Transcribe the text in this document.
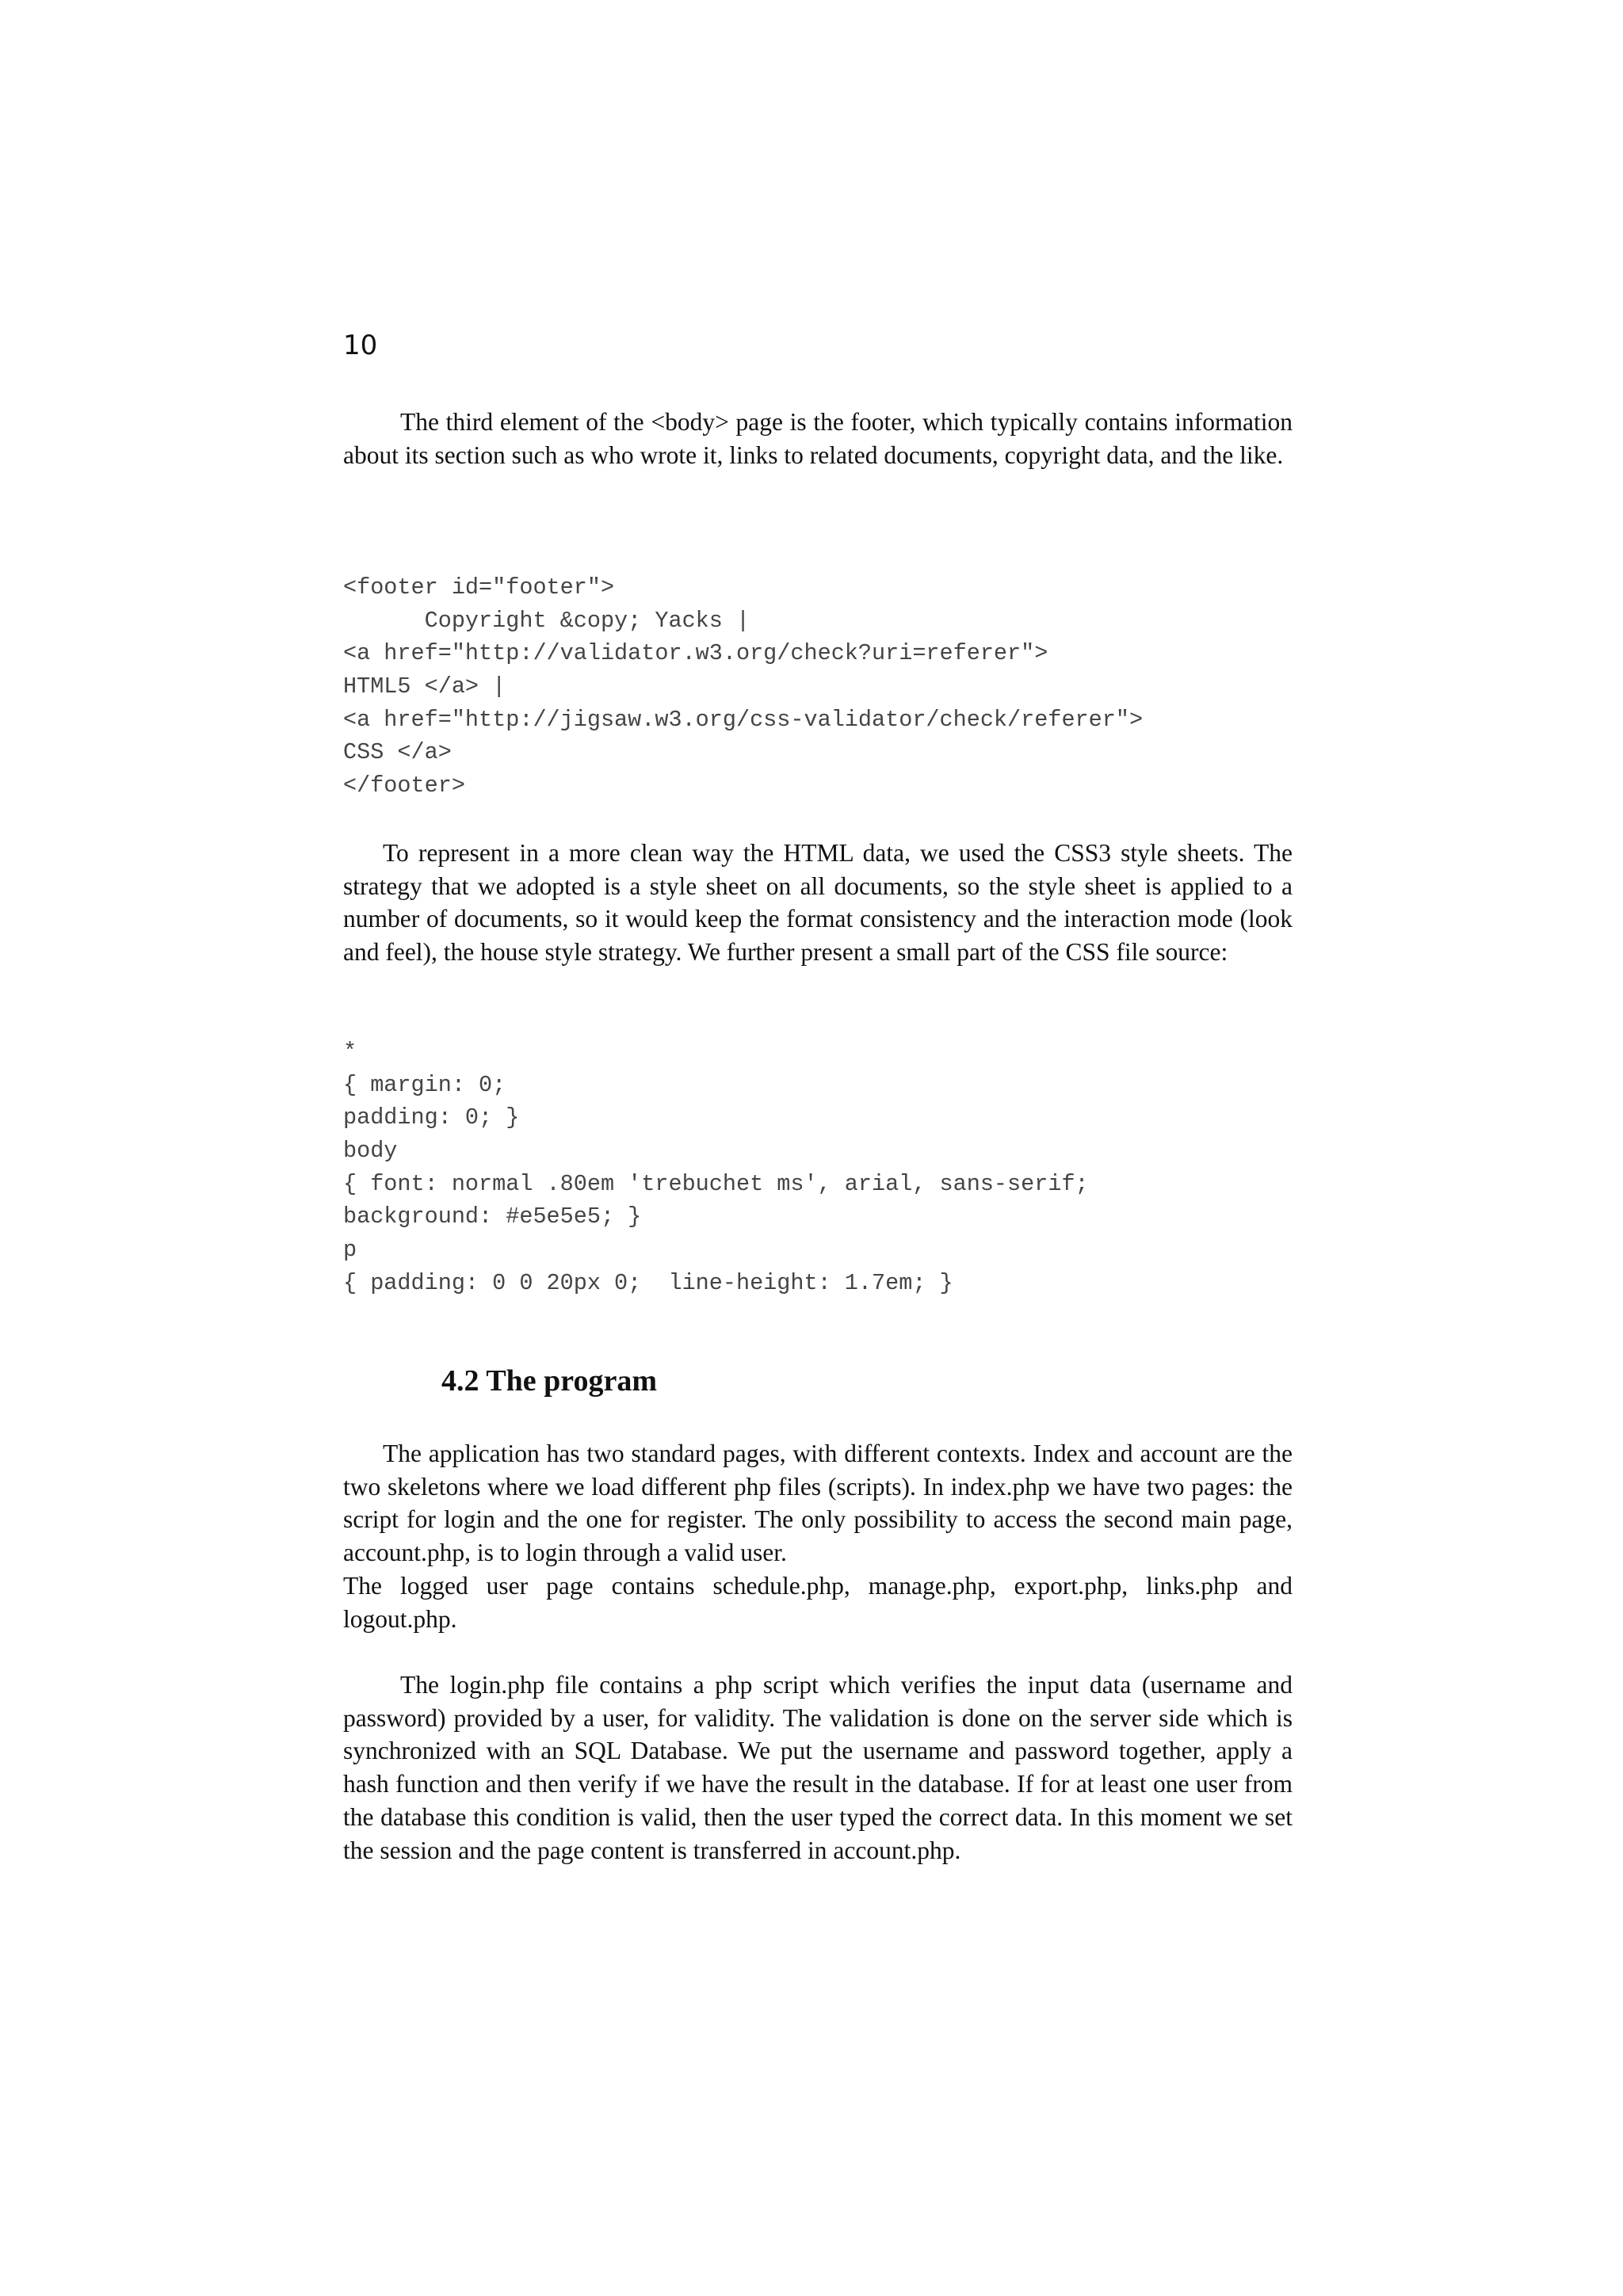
10

The third element of the <body> page is the footer, which typically contains information about its section such as who wrote it, links to related documents, copyright data, and the like.

<footer id="footer">
Copyright &copy; Yacks |
<a href="http://validator.w3.org/check?uri=referer">
HTML5 </a> |
<a href="http://jigsaw.w3.org/css-validator/check/referer">
CSS </a>
</footer>

To represent in a more clean way the HTML data, we used the CSS3 style sheets. The strategy that we adopted is a style sheet on all documents, so the style sheet is applied to a number of documents, so it would keep the format consistency and the interaction mode (look and feel), the house style strategy. We further present a small part of the CSS file source:

*
{ margin: 0;
padding: 0; }
body
{ font: normal .80em 'trebuchet ms', arial, sans-serif;
background: #e5e5e5; }
p
{ padding: 0 0 20px 0;  line-height: 1.7em; }
4.2 The program

The application has two standard pages, with different contexts. Index and account are the two skeletons where we load different php files (scripts). In index.php we have two pages: the script for login and the one for register. The only possibility to access the second main page, account.php, is to login through a valid user.

The logged user page contains schedule.php, manage.php, export.php, links.php and logout.php.

The login.php file contains a php script which verifies the input data (username and password) provided by a user, for validity. The validation is done on the server side which is synchronized with an SQL Database. We put the username and password together, apply a hash function and then verify if we have the result in the database. If for at least one user from the database this condition is valid, then the user typed the correct data. In this moment we set the session and the page content is transferred in account.php.
